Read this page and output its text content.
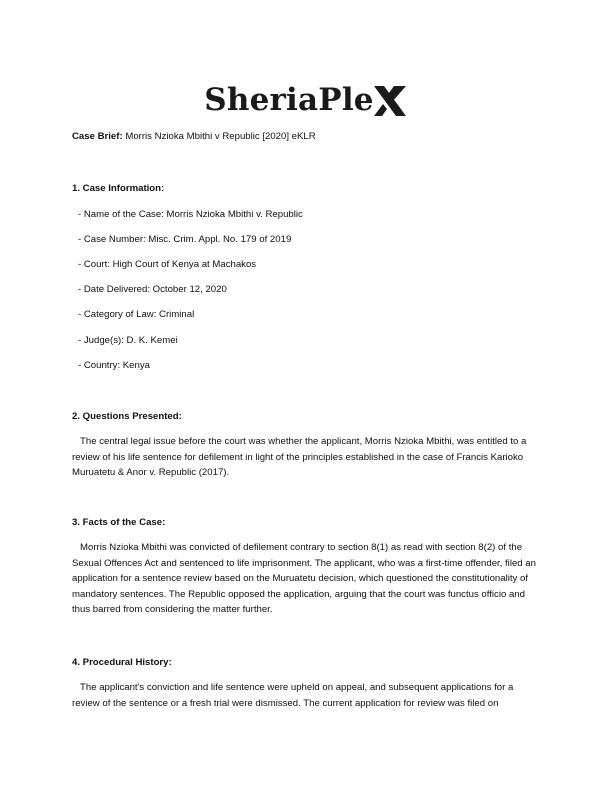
SheriaPle
Case Brief: Morris Nzioka Mbithi v Republic [2020] eKLR
1. Case Information:
- Name of the Case: Morris Nzioka Mbithi v. Republic
- Case Number: Misc. Crim. Appl. No. 179 of 2019
- Court: High Court of Kenya at Machakos
- Date Delivered: October 12, 2020
- Category of Law: Criminal
- Judge(s): D. K. Kemei
- Country: Kenya
2. Questions Presented:
The central legal issue before the court was whether the applicant, Morris Nzioka Mbithi, was entitled to a review of his life sentence for defilement in light of the principles established in the case of Francis Karioko Muruatetu & Anor v. Republic (2017).
3. Facts of the Case:
Morris Nzioka Mbithi was convicted of defilement contrary to section 8(1) as read with section 8(2) of the Sexual Offences Act and sentenced to life imprisonment. The applicant, who was a first-time offender, filed an application for a sentence review based on the Muruatetu decision, which questioned the constitutionality of mandatory sentences. The Republic opposed the application, arguing that the court was functus officio and thus barred from considering the matter further.
4. Procedural History:
The applicant's conviction and life sentence were upheld on appeal, and subsequent applications for a review of the sentence or a fresh trial were dismissed. The current application for review was filed on
